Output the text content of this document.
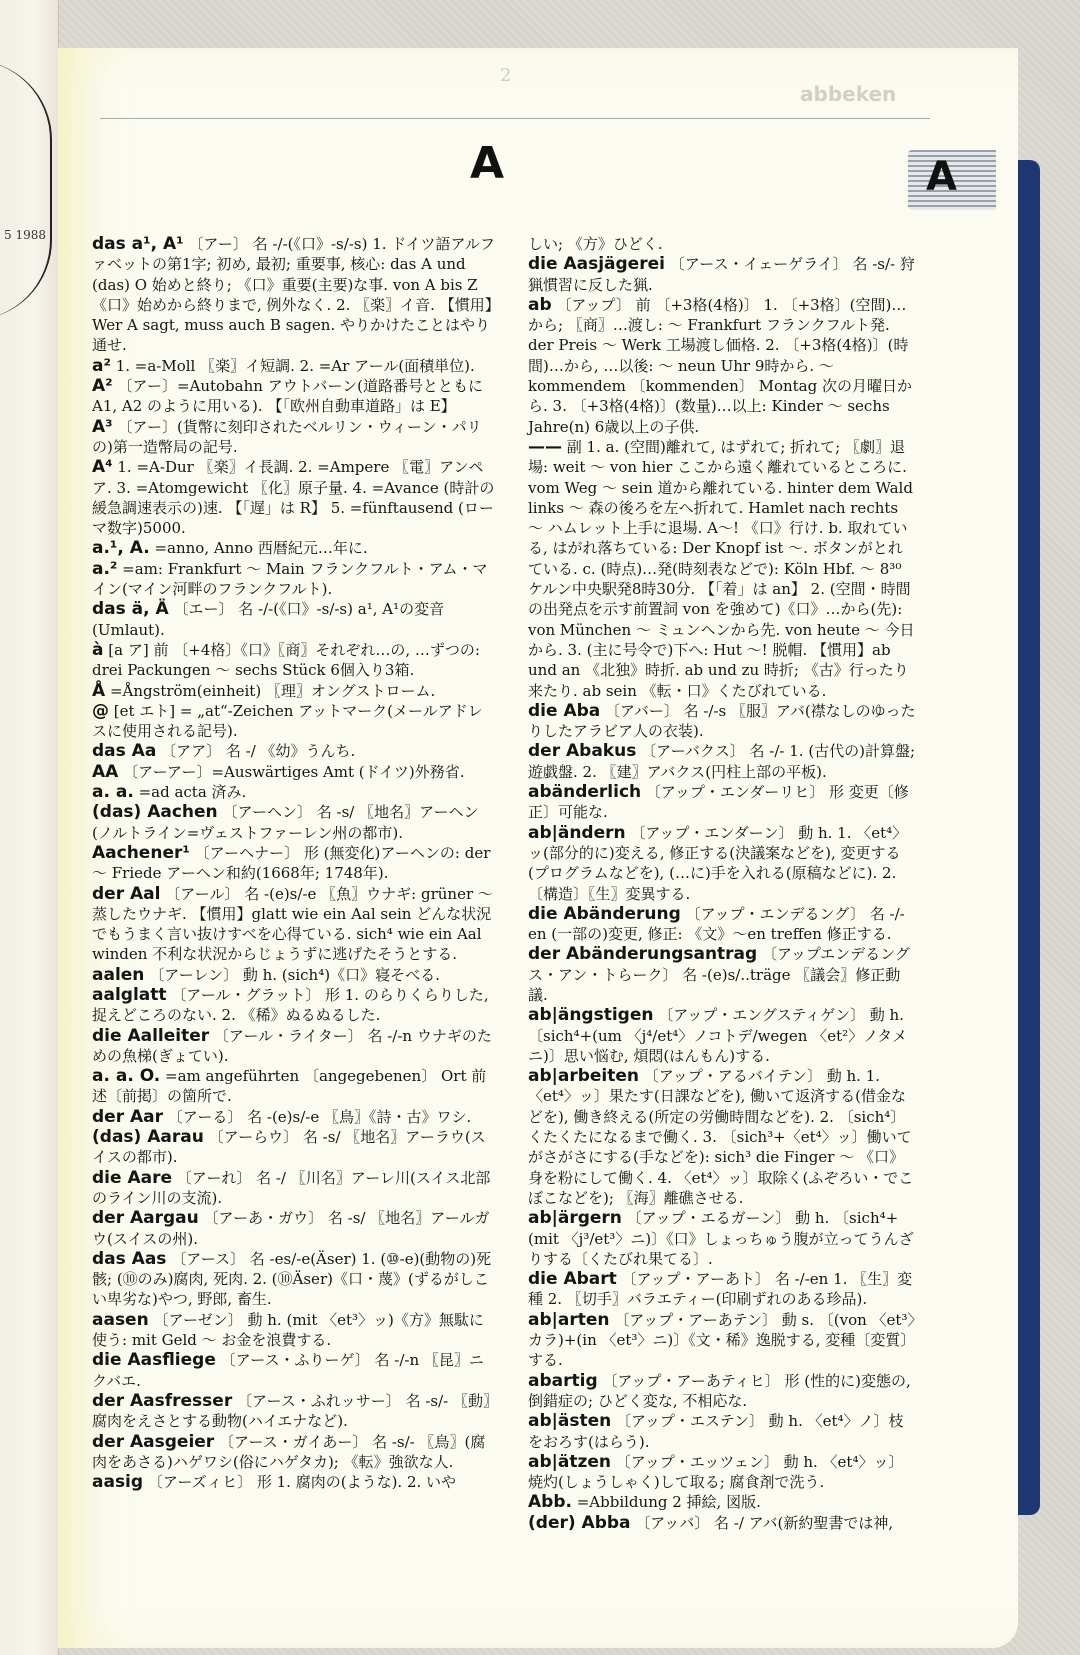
5 1988
2
abbeken
A	A

das a¹, A¹ 〔アー〕 名 -/-(《口》-s/-s) 1. ドイツ語アルファベットの第1字; 初め, 最初; 重要事, 核心: das A und (das) O 始めと終り; 《口》重要(主要)な事. von A bis Z 《口》始めから終りまで, 例外なく. 2. 〖楽〗イ音. 【慣用】Wer A sagt, muss auch B sagen. やりかけたことはやり通せ.

a² 1. =a-Moll 〖楽〗イ短調. 2. =Ar アール(面積単位).

A² 〔アー〕=Autobahn アウトバーン(道路番号とともに A1, A2 のように用いる). 【「欧州自動車道路」は E】

A³ 〔アー〕(貨幣に刻印されたベルリン・ウィーン・パリの)第一造幣局の記号.

A⁴ 1. =A-Dur 〖楽〗イ長調. 2. =Ampere 〖電〗アンペア. 3. =Atomgewicht 〖化〗原子量. 4. =Avance (時計の緩急調速表示の)速. 【「遅」は R】 5. =fünftausend (ローマ数字)5000.

a.¹, A. =anno, Anno 西暦紀元…年に.

a.² =am: Frankfurt ～ Main フランクフルト・アム・マイン(マイン河畔のフランクフルト).

das ä, Ä 〔エー〕 名 -/-(《口》-s/-s) a¹, A¹の変音(Umlaut).

à [a ア] 前 〔+4格〕《口》〖商〗それぞれ…の, …ずつの: drei Packungen ～ sechs Stück 6個入り3箱.

Å =Ångström(einheit) 〖理〗オングストローム.

@ [et エト] = „at“-Zeichen アットマーク(メールアドレスに使用される記号).

das Aa 〔アア〕 名 -/ 《幼》うんち.

AA 〔アーアー〕=Auswärtiges Amt (ドイツ)外務省.

a. a. =ad acta 済み.

(das) Aachen 〔アーヘン〕 名 -s/ 〖地名〗アーヘン(ノルトライン=ヴェストファーレン州の都市).

Aachener¹ 〔アーヘナー〕 形 (無変化)アーヘンの: der ～ Friede アーヘン和約(1668年; 1748年).

der Aal 〔アール〕 名 -(e)s/-e 〖魚〗ウナギ: grüner ～ 蒸したウナギ. 【慣用】glatt wie ein Aal sein どんな状況でもうまく言い抜けすべを心得ている. sich⁴ wie ein Aal winden 不利な状況からじょうずに逃げたそうとする.

aalen 〔アーレン〕 動 h. (sich⁴)《口》寝そべる.

aalglatt 〔アール・グラット〕 形 1. のらりくらりした, 捉えどころのない. 2. 《稀》ぬるぬるした.

die Aalleiter 〔アール・ライター〕 名 -/-n ウナギのための魚梯(ぎょてい).

a. a. O. =am angeführten 〔angegebenen〕 Ort 前述〔前掲〕の箇所で.

der Aar 〔アーる〕 名 -(e)s/-e 〖鳥〗《詩・古》ワシ.

(das) Aarau 〔アーらウ〕 名 -s/ 〖地名〗アーラウ(スイスの都市).

die Aare 〔アーれ〕 名 -/ 〖川名〗アーレ川(スイス北部のライン川の支流).

der Aargau 〔アーあ・ガウ〕 名 -s/ 〖地名〗アールガウ(スイスの州).

das Aas 〔アース〕 名 -es/-e(Äser) 1. (⑩-e)(動物の)死骸; (⑩のみ)腐肉, 死肉. 2. (⑩Äser)《口・蔑》(ずるがしこい卑劣な)やつ, 野郎, 畜生.

aasen 〔アーゼン〕 動 h. (mit 〈et³〉ッ)《方》無駄に使う: mit Geld ～ お金を浪費する.

die Aasfliege 〔アース・ふりーゲ〕 名 -/-n 〖昆〗ニクバエ.

der Aasfresser 〔アース・ふれッサー〕 名 -s/- 〖動〗腐肉をえさとする動物(ハイエナなど).

der Aasgeier 〔アース・ガイあー〕 名 -s/- 〖鳥〗(腐肉をあさる)ハゲワシ(俗にハゲタカ); 《転》強欲な人.

aasig 〔アーズィヒ〕 形 1. 腐肉の(ような). 2. いや

しい; 《方》ひどく.

die Aasjägerei 〔アース・イェーゲライ〕 名 -s/- 狩猟慣習に反した猟.

ab 〔アップ〕 前 〔+3格(4格)〕 1. 〔+3格〕(空間)…から; 〖商〗…渡し: ～ Frankfurt フランクフルト発. der Preis ～ Werk 工場渡し価格. 2. 〔+3格(4格)〕(時間)…から, …以後: ～ neun Uhr 9時から. ～ kommendem 〔kommenden〕 Montag 次の月曜日から. 3. 〔+3格(4格)〕(数量)…以上: Kinder ～ sechs Jahre(n) 6歳以上の子供.

—— 副 1. a. (空間)離れて, はずれて; 折れて; 〖劇〗退場: weit ～ von hier ここから遠く離れているところに. vom Weg ～ sein 道から離れている. hinter dem Wald links ～ 森の後ろを左へ折れて. Hamlet nach rechts ～ ハムレット上手に退場. A～! 《口》行け. b. 取れている, はがれ落ちている: Der Knopf ist ～. ボタンがとれている. c. (時点)…発(時刻表などで): Köln Hbf. ～ 8³⁰ ケルン中央駅発8時30分. 【「着」は an】 2. (空間・時間の出発点を示す前置詞 von を強めて)《口》…から(先): von München ～ ミュンヘンから先. von heute ～ 今日から. 3. (主に号令で)下へ: Hut ～! 脱帽. 【慣用】ab und an 《北独》時折. ab und zu 時折; 《古》行ったり来たり. ab sein 《転・口》くたびれている.

die Aba 〔アバー〕 名 -/-s 〖服〗アバ(襟なしのゆったりしたアラビア人の衣装).

der Abakus 〔アーバクス〕 名 -/- 1. (古代の)計算盤; 遊戯盤. 2. 〖建〗アバクス(円柱上部の平板).

abänderlich 〔アップ・エンダーリヒ〕 形 変更〔修正〕可能な.

ab|ändern 〔アップ・エンダーン〕 動 h. 1. 〈et⁴〉ッ(部分的に)変える, 修正する(決議案などを), 変更する(プログラムなどを), (…に)手を入れる(原稿などに). 2. 〔構造〕〖生〗変異する.

die Abänderung 〔アップ・エンデるング〕 名 -/-en (一部の)変更, 修正: 《文》～en treffen 修正する.

der Abänderungsantrag 〔アップエンデるングス・アン・トらーク〕 名 -(e)s/..träge 〖議会〗修正動議.

ab|ängstigen 〔アップ・エングスティゲン〕 動 h. 〔sich⁴+(um 〈j⁴/et⁴〉ノコトデ/wegen 〈et²〉ノタメニ)〕思い悩む, 煩悶(はんもん)する.

ab|arbeiten 〔アップ・アるバイテン〕 動 h. 1. 〈et⁴〉ッ〕果たす(日課などを), 働いて返済する(借金などを), 働き終える(所定の労働時間などを). 2. 〔sich⁴〕くたくたになるまで働く. 3. 〔sich³+〈et⁴〉ッ〕働いてがさがさにする(手などを): sich³ die Finger ～ 《口》身を粉にして働く. 4. 〈et⁴〉ッ〕取除く(ふぞろい・でこぼこなどを); 〖海〗離礁させる.

ab|ärgern 〔アップ・エるガーン〕 動 h. 〔sich⁴+(mit 〈j³/et³〉ニ)〕《口》しょっちゅう腹が立ってうんざりする〔くたびれ果てる〕.

die Abart 〔アップ・アーあト〕 名 -/-en 1. 〖生〗変種 2. 〖切手〗バラエティー(印刷ずれのある珍品).

ab|arten 〔アップ・アーあテン〕 動 s. 〔(von 〈et³〉カラ)+(in 〈et³〉ニ)〕《文・稀》逸脱する, 変種〔変質〕する.

abartig 〔アップ・アーあティヒ〕 形 (性的に)変態の, 倒錯症の; ひどく変な, 不相応な.

ab|ästen 〔アップ・エステン〕 動 h. 〈et⁴〉ノ〕枝をおろす(はらう).

ab|ätzen 〔アップ・エッツェン〕 動 h. 〈et⁴〉ッ〕焼灼(しょうしゃく)して取る; 腐食剤で洗う.

Abb. =Abbildung 2 挿絵, 図版.

(der) Abba 〔アッバ〕 名 -/ アバ(新約聖書では神,
